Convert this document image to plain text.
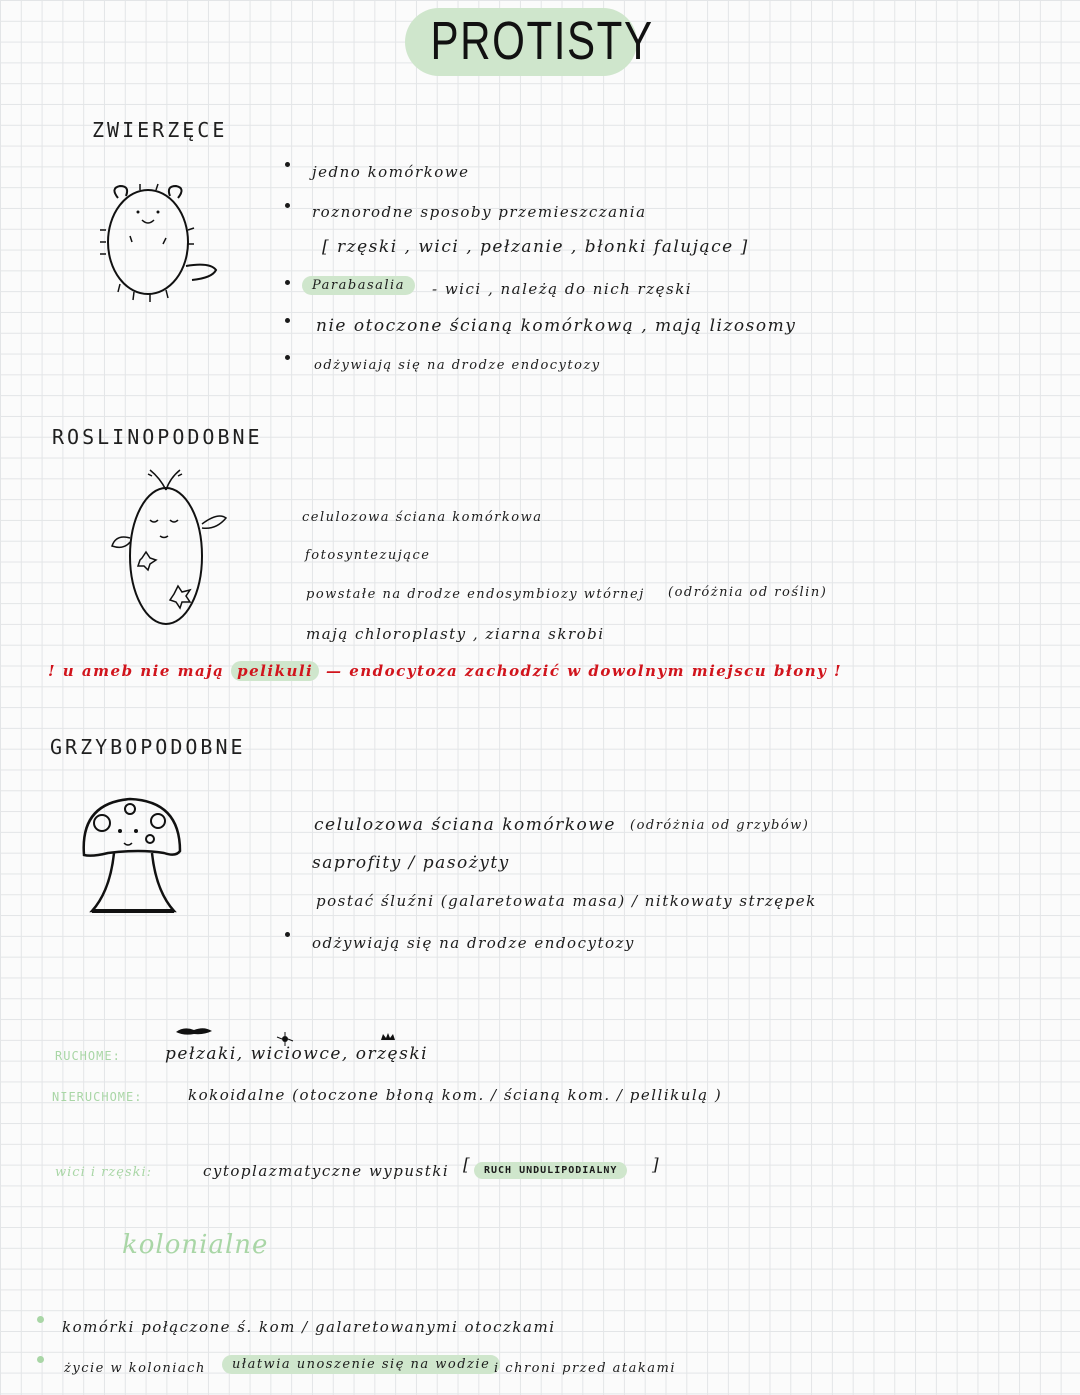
PROTISTY
ZWIERZĘCE
jedno komórkowe
roznorodne sposoby przemieszczania
[ rzęski , wici , pełzanie , błonki falujące ]
Parabasalia	- wici , należą do nich rzęski
nie otoczone ścianą komórkową , mają lizosomy
odżywiają się na drodze endocytozy
ROSLINOPODOBNE
celulozowa ściana komórkowa
fotosyntezujące
powstałe na drodze endosymbiozy wtórnej (odróżnia od roślin)
mają chloroplasty , ziarna skrobi
! u ameb nie mają pelikuli — endocytoza zachodzić w dowolnym miejscu błony !
GRZYBOPODOBNE
celulozowa ściana komórkowe (odróżnia od grzybów)
saprofity / pasożyty
postać śluźni (galaretowata masa) / nitkowaty strzępek
odżywiają się na drodze endocytozy
RUCHOME:	pełzaki, wiciowce, orzęski
NIERUCHOME:	kokoidalne (otoczone błoną kom. / ścianą kom. / pellikulą )
wici i rzęski:	cytoplazmatyczne wypustki [	RUCH UNDULIPODIALNY	]
kolonialne
komórki połączone ś. kom / galaretowanymi otoczkami
życie w koloniach	ułatwia unoszenie się na wodzie i chroni przed atakami
